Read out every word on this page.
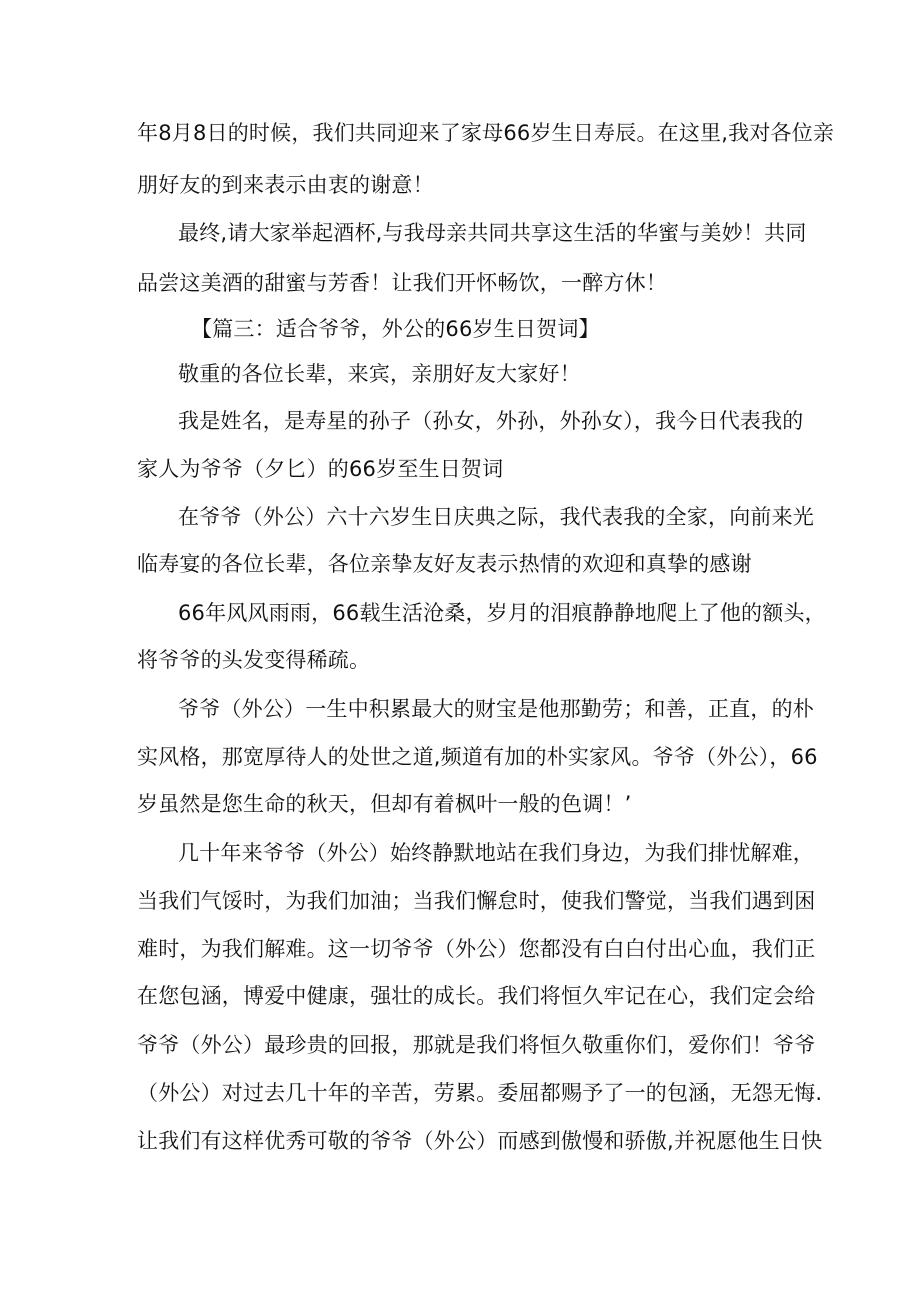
年8月8日的时候，我们共同迎来了家母66岁生日寿辰。在这里,我对各位亲

朋好友的到来表示由衷的谢意！

最终,请大家举起酒杯,与我母亲共同共享这生活的华蜜与美妙！共同

品尝这美酒的甜蜜与芳香！让我们开怀畅饮，一醉方休！

【篇三：适合爷爷，外公的66岁生日贺词】

敬重的各位长辈，来宾，亲朋好友大家好！

我是姓名，是寿星的孙子（孙女，外孙，外孙女），我今日代表我的

家人为爷爷（夕匕）的66岁至生日贺词

在爷爷（外公）六十六岁生日庆典之际，我代表我的全家，向前来光

临寿宴的各位长辈，各位亲挚友好友表示热情的欢迎和真挚的感谢

66年风风雨雨，66载生活沧桑，岁月的泪痕静静地爬上了他的额头，

将爷爷的头发变得稀疏。

爷爷（外公）一生中积累最大的财宝是他那勤劳；和善，正直，的朴

实风格，那宽厚待人的处世之道,频道有加的朴实家风。爷爷（外公），66

岁虽然是您生命的秋天，但却有着枫叶一般的色调！’

几十年来爷爷（外公）始终静默地站在我们身边，为我们排忧解难，

当我们气馁时，为我们加油；当我们懈怠时，使我们警觉，当我们遇到困

难时，为我们解难。这一切爷爷（外公）您都没有白白付出心血，我们正

在您包涵，博爱中健康，强壮的成长。我们将恒久牢记在心，我们定会给

爷爷（外公）最珍贵的回报，那就是我们将恒久敬重你们，爱你们！爷爷

（外公）对过去几十年的辛苦，劳累。委屈都赐予了一的包涵，无怨无悔.

让我们有这样优秀可敬的爷爷（外公）而感到傲慢和骄傲,并祝愿他生日快
